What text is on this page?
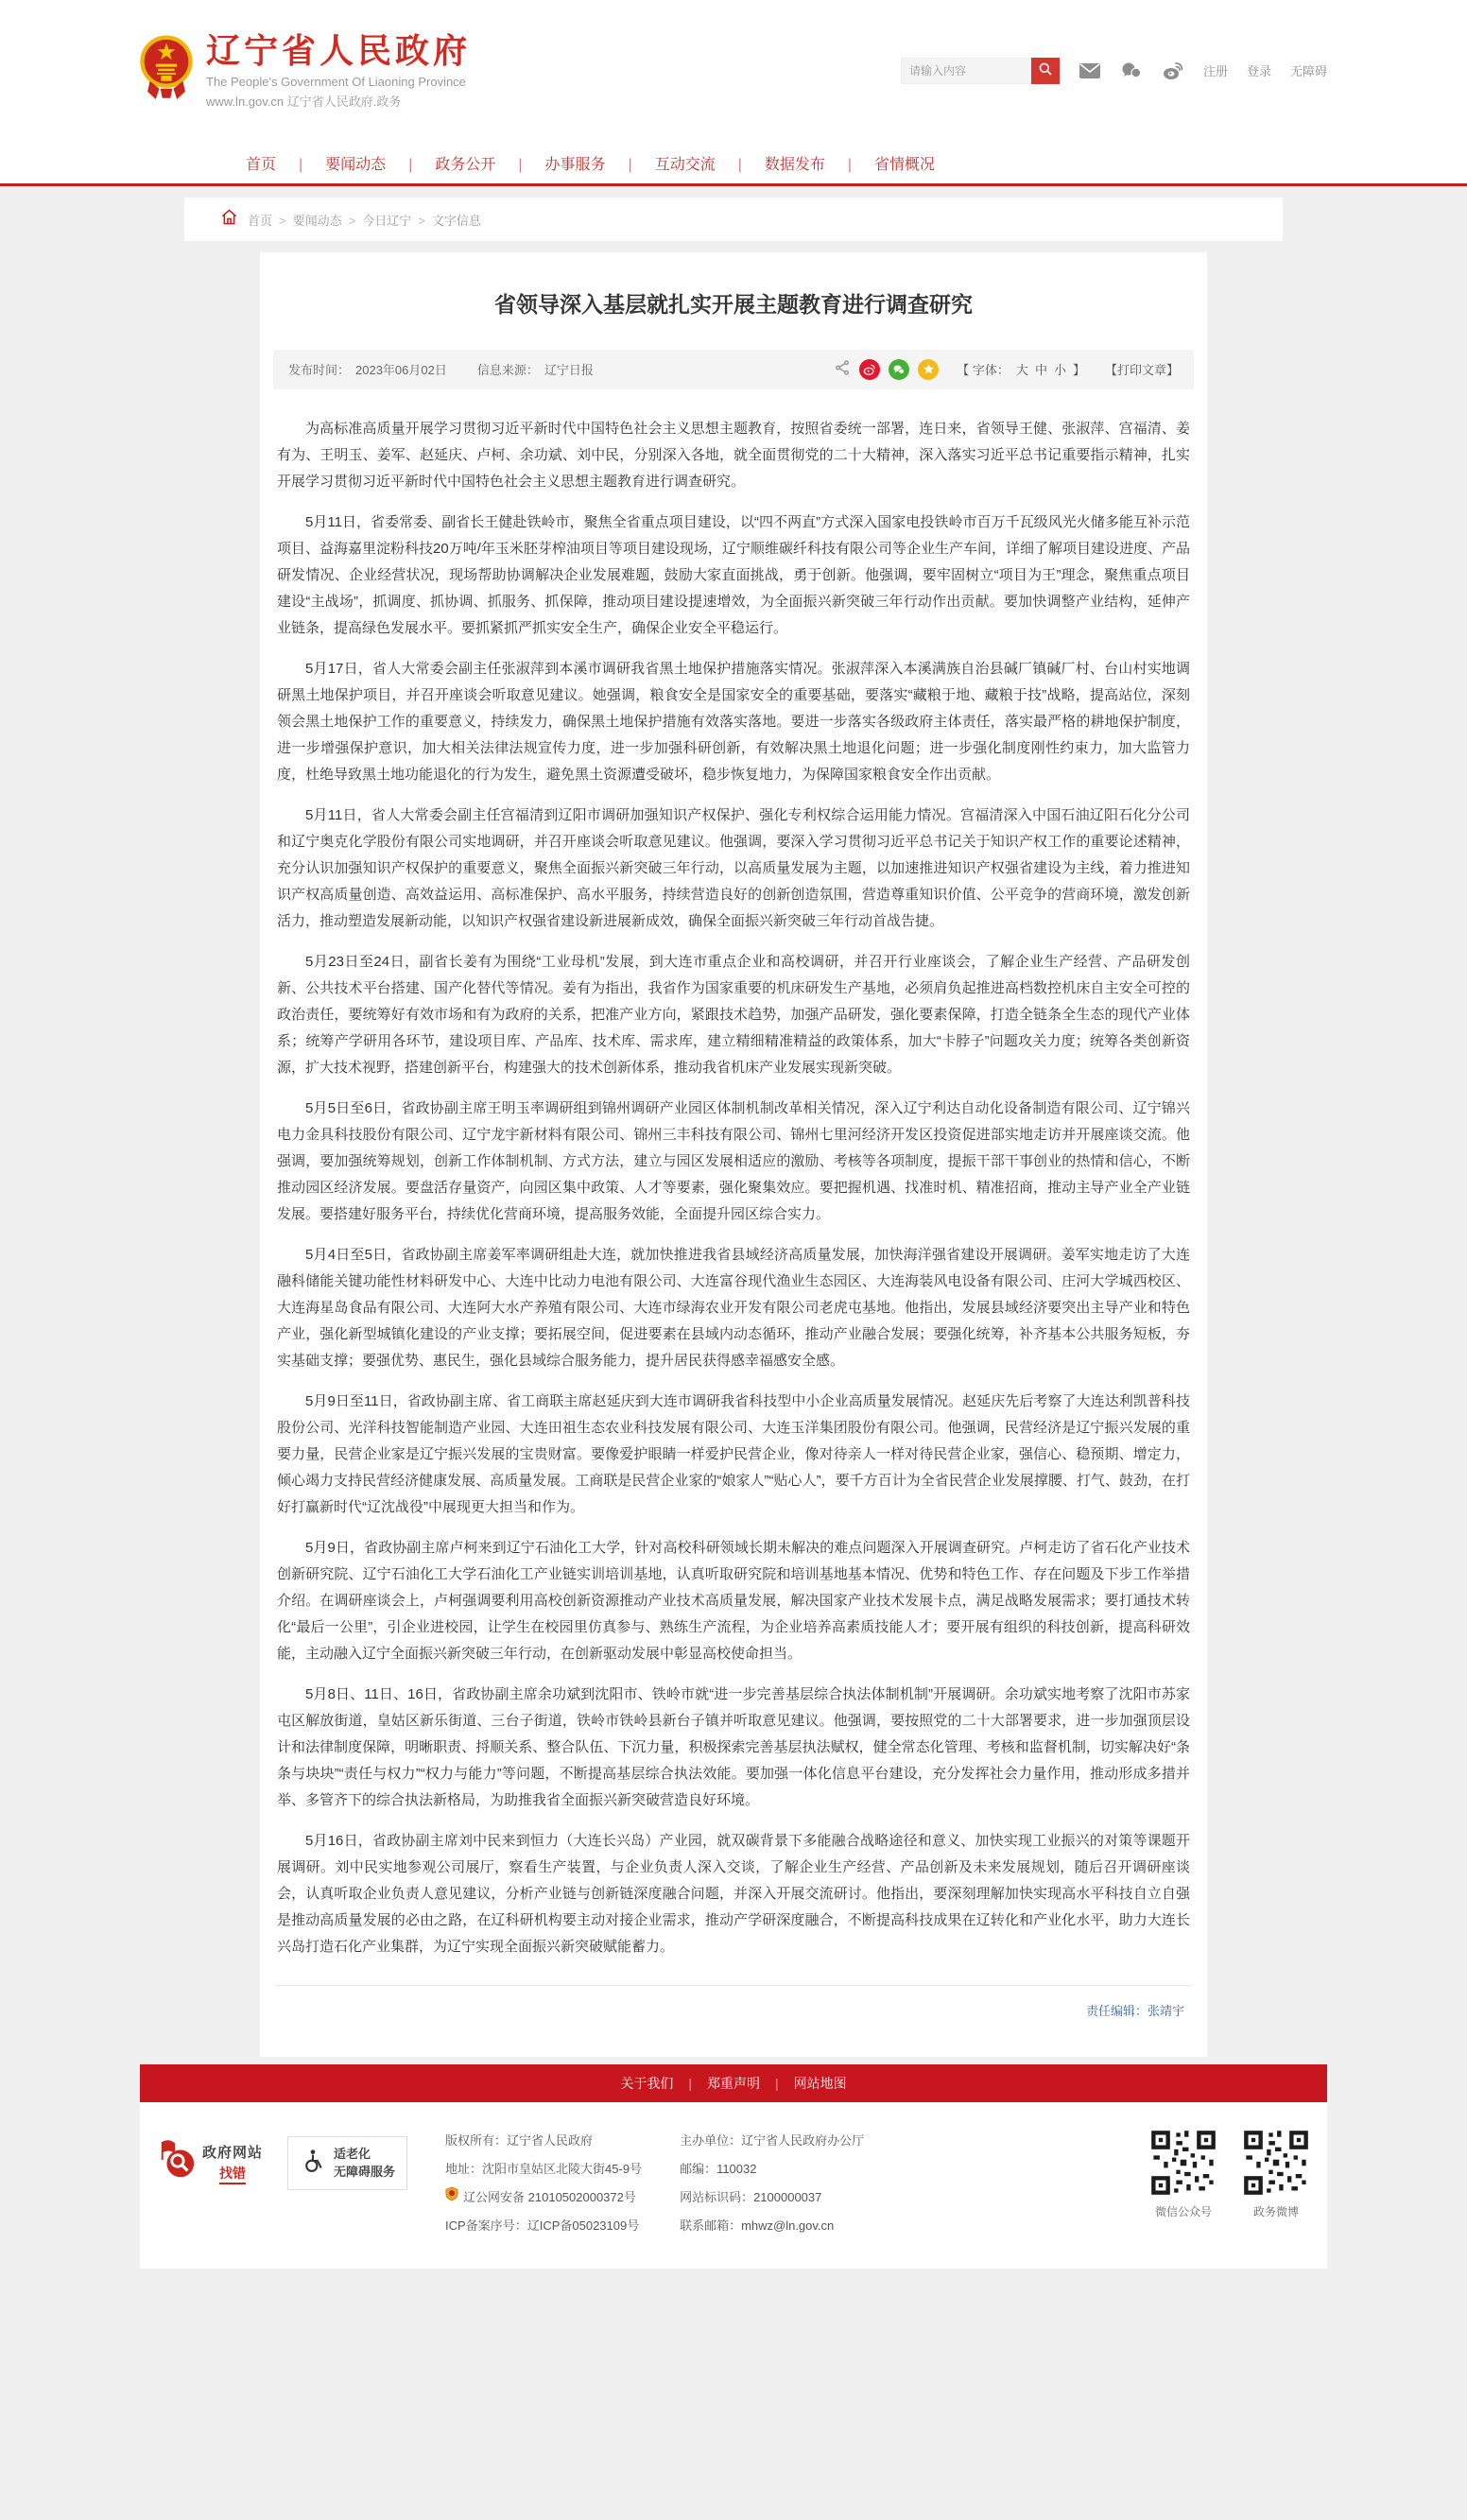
辽宁省人民政府
The People's Government Of Liaoning Province
www.ln.gov.cn 辽宁省人民政府.政务
请输入内容
注册 登录 无障碍
首页 |	要闻动态 |	政务公开 |	办事服务 |	互动交流 |	数据发布 |	省情概况
首页 > 要闻动态 > 今日辽宁 > 文字信息
省领导深入基层就扎实开展主题教育进行调查研究
发布时间： 2023年06月02日 信息来源： 辽宁日报	【 字体： 大 中 小 】 【打印文章】

为高标准高质量开展学习贯彻习近平新时代中国特色社会主义思想主题教育，按照省委统一部署，连日来，省领导王健、张淑萍、宫福清、姜有为、王明玉、姜军、赵延庆、卢柯、余功斌、刘中民，分别深入各地，就全面贯彻党的二十大精神，深入落实习近平总书记重要指示精神，扎实开展学习贯彻习近平新时代中国特色社会主义思想主题教育进行调查研究。

5月11日，省委常委、副省长王健赴铁岭市，聚焦全省重点项目建设，以“四不两直”方式深入国家电投铁岭市百万千瓦级风光火储多能互补示范项目、益海嘉里淀粉科技20万吨/年玉米胚芽榨油项目等项目建设现场，辽宁顺维碳纤科技有限公司等企业生产车间，详细了解项目建设进度、产品研发情况、企业经营状况，现场帮助协调解决企业发展难题，鼓励大家直面挑战，勇于创新。他强调，要牢固树立“项目为王”理念，聚焦重点项目建设“主战场”，抓调度、抓协调、抓服务、抓保障，推动项目建设提速增效，为全面振兴新突破三年行动作出贡献。要加快调整产业结构，延伸产业链条，提高绿色发展水平。要抓紧抓严抓实安全生产，确保企业安全平稳运行。

5月17日，省人大常委会副主任张淑萍到本溪市调研我省黑土地保护措施落实情况。张淑萍深入本溪满族自治县碱厂镇碱厂村、台山村实地调研黑土地保护项目，并召开座谈会听取意见建议。她强调，粮食安全是国家安全的重要基础，要落实“藏粮于地、藏粮于技”战略，提高站位，深刻领会黑土地保护工作的重要意义，持续发力，确保黑土地保护措施有效落实落地。要进一步落实各级政府主体责任，落实最严格的耕地保护制度，进一步增强保护意识，加大相关法律法规宣传力度，进一步加强科研创新，有效解决黑土地退化问题；进一步强化制度刚性约束力，加大监管力度，杜绝导致黑土地功能退化的行为发生，避免黑土资源遭受破坏，稳步恢复地力，为保障国家粮食安全作出贡献。

5月11日，省人大常委会副主任宫福清到辽阳市调研加强知识产权保护、强化专利权综合运用能力情况。宫福清深入中国石油辽阳石化分公司和辽宁奥克化学股份有限公司实地调研，并召开座谈会听取意见建议。他强调，要深入学习贯彻习近平总书记关于知识产权工作的重要论述精神，充分认识加强知识产权保护的重要意义，聚焦全面振兴新突破三年行动，以高质量发展为主题，以加速推进知识产权强省建设为主线，着力推进知识产权高质量创造、高效益运用、高标准保护、高水平服务，持续营造良好的创新创造氛围，营造尊重知识价值、公平竞争的营商环境，激发创新活力，推动塑造发展新动能，以知识产权强省建设新进展新成效，确保全面振兴新突破三年行动首战告捷。

5月23日至24日，副省长姜有为围绕“工业母机”发展，到大连市重点企业和高校调研，并召开行业座谈会，了解企业生产经营、产品研发创新、公共技术平台搭建、国产化替代等情况。姜有为指出，我省作为国家重要的机床研发生产基地，必须肩负起推进高档数控机床自主安全可控的政治责任，要统筹好有效市场和有为政府的关系，把准产业方向，紧跟技术趋势，加强产品研发，强化要素保障，打造全链条全生态的现代产业体系；统筹产学研用各环节，建设项目库、产品库、技术库、需求库，建立精细精准精益的政策体系，加大“卡脖子”问题攻关力度；统筹各类创新资源，扩大技术视野，搭建创新平台，构建强大的技术创新体系，推动我省机床产业发展实现新突破。

5月5日至6日，省政协副主席王明玉率调研组到锦州调研产业园区体制机制改革相关情况，深入辽宁利达自动化设备制造有限公司、辽宁锦兴电力金具科技股份有限公司、辽宁龙宇新材料有限公司、锦州三丰科技有限公司、锦州七里河经济开发区投资促进部实地走访并开展座谈交流。他强调，要加强统筹规划，创新工作体制机制、方式方法，建立与园区发展相适应的激励、考核等各项制度，提振干部干事创业的热情和信心，不断推动园区经济发展。要盘活存量资产，向园区集中政策、人才等要素，强化聚集效应。要把握机遇、找准时机、精准招商，推动主导产业全产业链发展。要搭建好服务平台，持续优化营商环境，提高服务效能，全面提升园区综合实力。

5月4日至5日，省政协副主席姜军率调研组赴大连，就加快推进我省县域经济高质量发展，加快海洋强省建设开展调研。姜军实地走访了大连融科储能关键功能性材料研发中心、大连中比动力电池有限公司、大连富谷现代渔业生态园区、大连海装风电设备有限公司、庄河大学城西校区、大连海星岛食品有限公司、大连阿大水产养殖有限公司、大连市绿海农业开发有限公司老虎屯基地。他指出，发展县域经济要突出主导产业和特色产业，强化新型城镇化建设的产业支撑；要拓展空间，促进要素在县域内动态循环，推动产业融合发展；要强化统筹，补齐基本公共服务短板，夯实基础支撑；要强优势、惠民生，强化县域综合服务能力，提升居民获得感幸福感安全感。

5月9日至11日，省政协副主席、省工商联主席赵延庆到大连市调研我省科技型中小企业高质量发展情况。赵延庆先后考察了大连达利凯普科技股份公司、光洋科技智能制造产业园、大连田祖生态农业科技发展有限公司、大连玉洋集团股份有限公司。他强调，民营经济是辽宁振兴发展的重要力量，民营企业家是辽宁振兴发展的宝贵财富。要像爱护眼睛一样爱护民营企业，像对待亲人一样对待民营企业家，强信心、稳预期、增定力，倾心竭力支持民营经济健康发展、高质量发展。工商联是民营企业家的“娘家人”“贴心人”，要千方百计为全省民营企业发展撑腰、打气、鼓劲，在打好打赢新时代“辽沈战役”中展现更大担当和作为。

5月9日，省政协副主席卢柯来到辽宁石油化工大学，针对高校科研领域长期未解决的难点问题深入开展调查研究。卢柯走访了省石化产业技术创新研究院、辽宁石油化工大学石油化工产业链实训培训基地，认真听取研究院和培训基地基本情况、优势和特色工作、存在问题及下步工作举措介绍。在调研座谈会上，卢柯强调要利用高校创新资源推动产业技术高质量发展，解决国家产业技术发展卡点，满足战略发展需求；要打通技术转化“最后一公里”，引企业进校园，让学生在校园里仿真参与、熟练生产流程，为企业培养高素质技能人才；要开展有组织的科技创新，提高科研效能，主动融入辽宁全面振兴新突破三年行动，在创新驱动发展中彰显高校使命担当。

5月8日、11日、16日，省政协副主席余功斌到沈阳市、铁岭市就“进一步完善基层综合执法体制机制”开展调研。余功斌实地考察了沈阳市苏家屯区解放街道，皇姑区新乐街道、三台子街道，铁岭市铁岭县新台子镇并听取意见建议。他强调，要按照党的二十大部署要求，进一步加强顶层设计和法律制度保障，明晰职责、捋顺关系、整合队伍、下沉力量，积极探索完善基层执法赋权，健全常态化管理、考核和监督机制，切实解决好“条条与块块”“责任与权力”“权力与能力”等问题，不断提高基层综合执法效能。要加强一体化信息平台建设，充分发挥社会力量作用，推动形成多措并举、多管齐下的综合执法新格局，为助推我省全面振兴新突破营造良好环境。

5月16日，省政协副主席刘中民来到恒力（大连长兴岛）产业园，就双碳背景下多能融合战略途径和意义、加快实现工业振兴的对策等课题开展调研。刘中民实地参观公司展厅，察看生产装置，与企业负责人深入交谈，了解企业生产经营、产品创新及未来发展规划，随后召开调研座谈会，认真听取企业负责人意见建议，分析产业链与创新链深度融合问题，并深入开展交流研讨。他指出，要深刻理解加快实现高水平科技自立自强是推动高质量发展的必由之路，在辽科研机构要主动对接企业需求，推动产学研深度融合，不断提高科技成果在辽转化和产业化水平，助力大连长兴岛打造石化产业集群，为辽宁实现全面振兴新突破赋能蓄力。

责任编辑：张靖宇
关于我们 |	郑重声明 |	网站地图
政府网站
找错
适老化
无障碍服务
版权所有：辽宁省人民政府
地址：沈阳市皇姑区北陵大街45-9号
辽公网安备 21010502000372号
ICP备案序号：辽ICP备05023109号
主办单位：辽宁省人民政府办公厅
邮编：110032
网站标识码：2100000037
联系邮箱：mhwz@ln.gov.cn
微信公众号	政务微博
